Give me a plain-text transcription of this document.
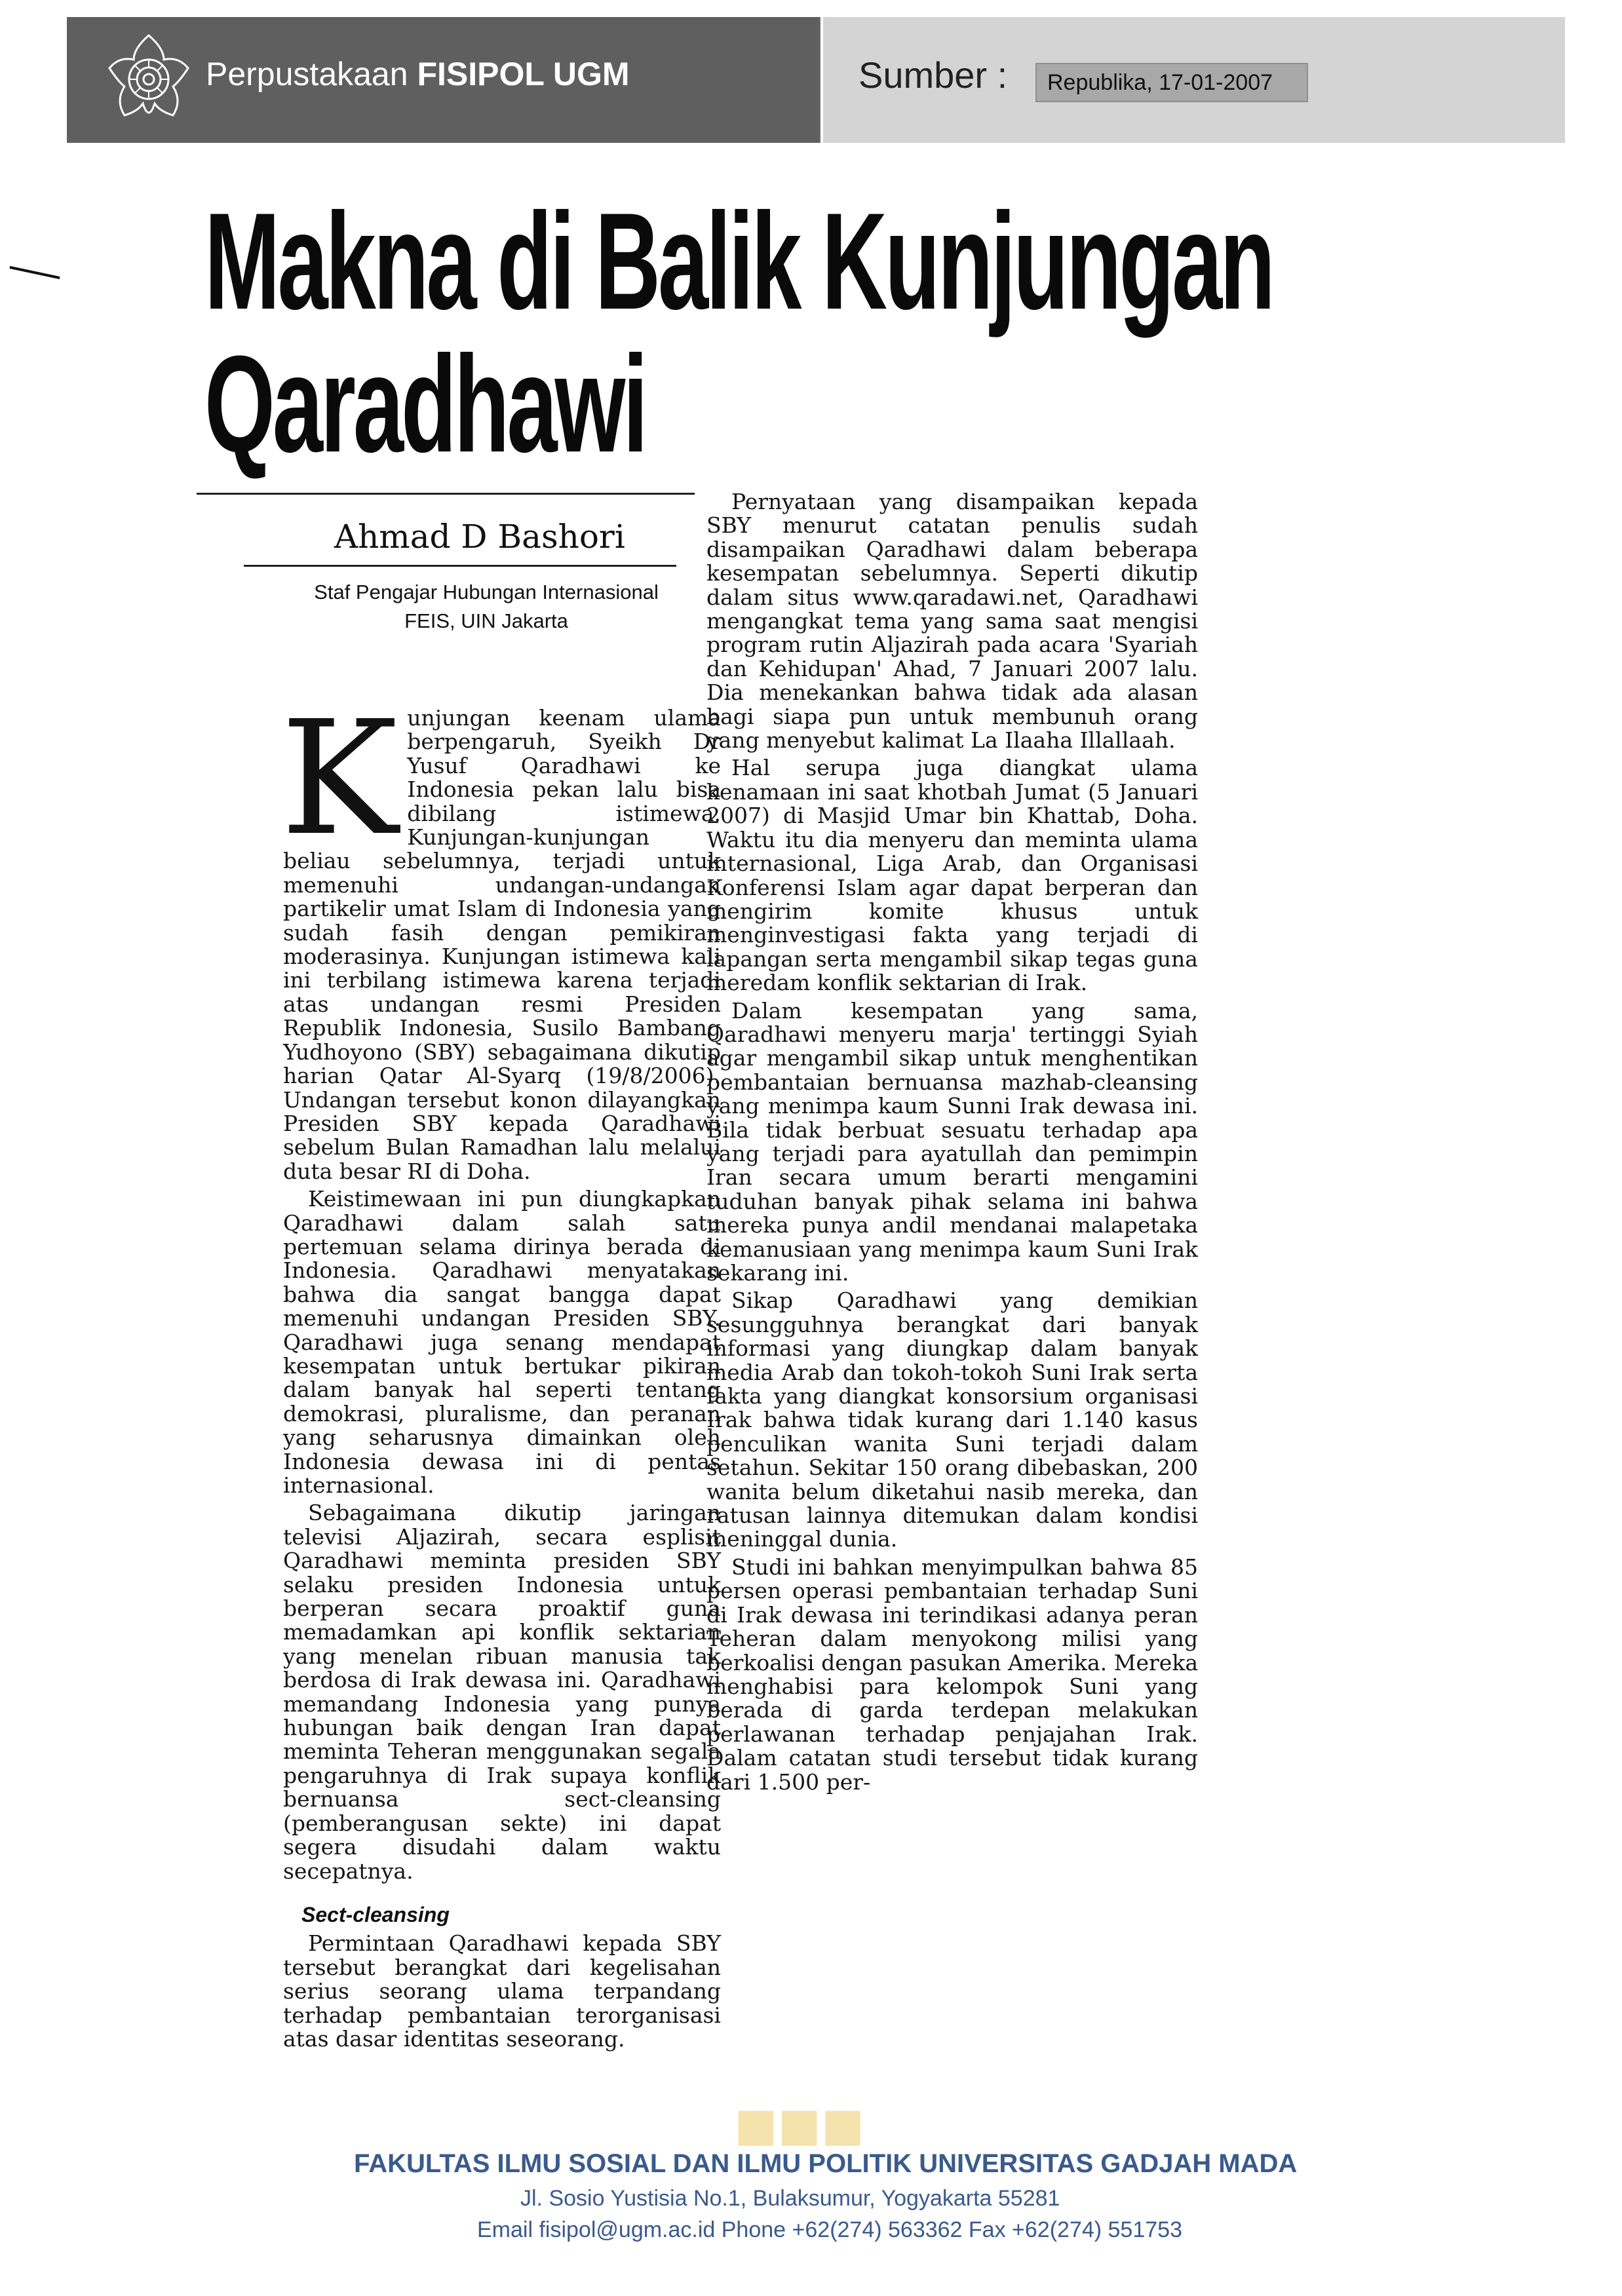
Perpustakaan FISIPOL UGM	Sumber : Republika, 17-01-2007
Makna di Balik Kunjungan
Qaradhawi
Ahmad D Bashori
Staf Pengajar Hubungan Internasional
FEIS, UIN Jakarta

Kunjungan keenam ulama berpengaruh, Syeikh Dr Yusuf Qaradhawi ke Indonesia pekan lalu bisa dibilang istimewa. Kunjungan-kunjungan beliau sebelumnya, terjadi untuk memenuhi undangan-undangan partikelir umat Islam di Indonesia yang sudah fasih dengan pemikiran moderasinya. Kunjungan istimewa kali ini terbilang istimewa karena terjadi atas undangan resmi Presiden Republik Indonesia, Susilo Bambang Yudhoyono (SBY) sebagaimana dikutip harian Qatar Al-Syarq (19/8/2006). Undangan tersebut konon dilayangkan Presiden SBY kepada Qaradhawi sebelum Bulan Ramadhan lalu melalui duta besar RI di Doha.

Keistimewaan ini pun diungkapkan Qaradhawi dalam salah satu pertemuan selama dirinya berada di Indonesia. Qaradhawi menyatakan bahwa dia sangat bangga dapat memenuhi undangan Presiden SBY. Qaradhawi juga senang mendapat kesempatan untuk bertukar pikiran dalam banyak hal seperti tentang demokrasi, pluralisme, dan peranan yang seharusnya dimainkan oleh Indonesia dewasa ini di pentas internasional.

Sebagaimana dikutip jaringan televisi Aljazirah, secara esplisit Qaradhawi meminta presiden SBY selaku presiden Indonesia untuk berperan secara proaktif guna memadamkan api konflik sektarian yang menelan ribuan manusia tak berdosa di Irak dewasa ini. Qaradhawi memandang Indonesia yang punya hubungan baik dengan Iran dapat meminta Teheran menggunakan segala pengaruhnya di Irak supaya konflik bernuansa sect-cleansing (pemberangusan sekte) ini dapat segera disudahi dalam waktu secepatnya.

Sect-cleansing

Permintaan Qaradhawi kepada SBY tersebut berangkat dari kegelisahan serius seorang ulama terpandang terhadap pembantaian terorganisasi atas dasar identitas seseorang.

Pernyataan yang disampaikan kepada SBY menurut catatan penulis sudah disampaikan Qaradhawi dalam beberapa kesempatan sebelumnya. Seperti dikutip dalam situs www.qaradawi.net, Qaradhawi mengangkat tema yang sama saat mengisi program rutin Aljazirah pada acara 'Syariah dan Kehidupan' Ahad, 7 Januari 2007 lalu. Dia menekankan bahwa tidak ada alasan bagi siapa pun untuk membunuh orang yang menyebut kalimat La Ilaaha Illallaah.

Hal serupa juga diangkat ulama kenamaan ini saat khotbah Jumat (5 Januari 2007) di Masjid Umar bin Khattab, Doha. Waktu itu dia menyeru dan meminta ulama internasional, Liga Arab, dan Organisasi Konferensi Islam agar dapat berperan dan mengirim komite khusus untuk menginvestigasi fakta yang terjadi di lapangan serta mengambil sikap tegas guna meredam konflik sektarian di Irak.

Dalam kesempatan yang sama, Qaradhawi menyeru marja' tertinggi Syiah agar mengambil sikap untuk menghentikan pembantaian bernuansa mazhab-cleansing yang menimpa kaum Sunni Irak dewasa ini. Bila tidak berbuat sesuatu terhadap apa yang terjadi para ayatullah dan pemimpin Iran secara umum berarti mengamini tuduhan banyak pihak selama ini bahwa mereka punya andil mendanai malapetaka kemanusiaan yang menimpa kaum Suni Irak sekarang ini.

Sikap Qaradhawi yang demikian sesungguhnya berangkat dari banyak informasi yang diungkap dalam banyak media Arab dan tokoh-tokoh Suni Irak serta fakta yang diangkat konsorsium organisasi Irak bahwa tidak kurang dari 1.140 kasus penculikan wanita Suni terjadi dalam setahun. Sekitar 150 orang dibebaskan, 200 wanita belum diketahui nasib mereka, dan ratusan lainnya ditemukan dalam kondisi meninggal dunia.

Studi ini bahkan menyimpulkan bahwa 85 persen operasi pembantaian terhadap Suni di Irak dewasa ini terindikasi adanya peran Teheran dalam menyokong milisi yang berkoalisi dengan pasukan Amerika. Mereka menghabisi para kelompok Suni yang berada di garda terdepan melakukan perlawanan terhadap penjajahan Irak. Dalam catatan studi tersebut tidak kurang dari 1.500 per-

■■■
FAKULTAS ILMU SOSIAL DAN ILMU POLITIK UNIVERSITAS GADJAH MADA
Jl. Sosio Yustisia No.1, Bulaksumur, Yogyakarta 55281
Email fisipol@ugm.ac.id Phone +62(274) 563362 Fax +62(274) 551753
